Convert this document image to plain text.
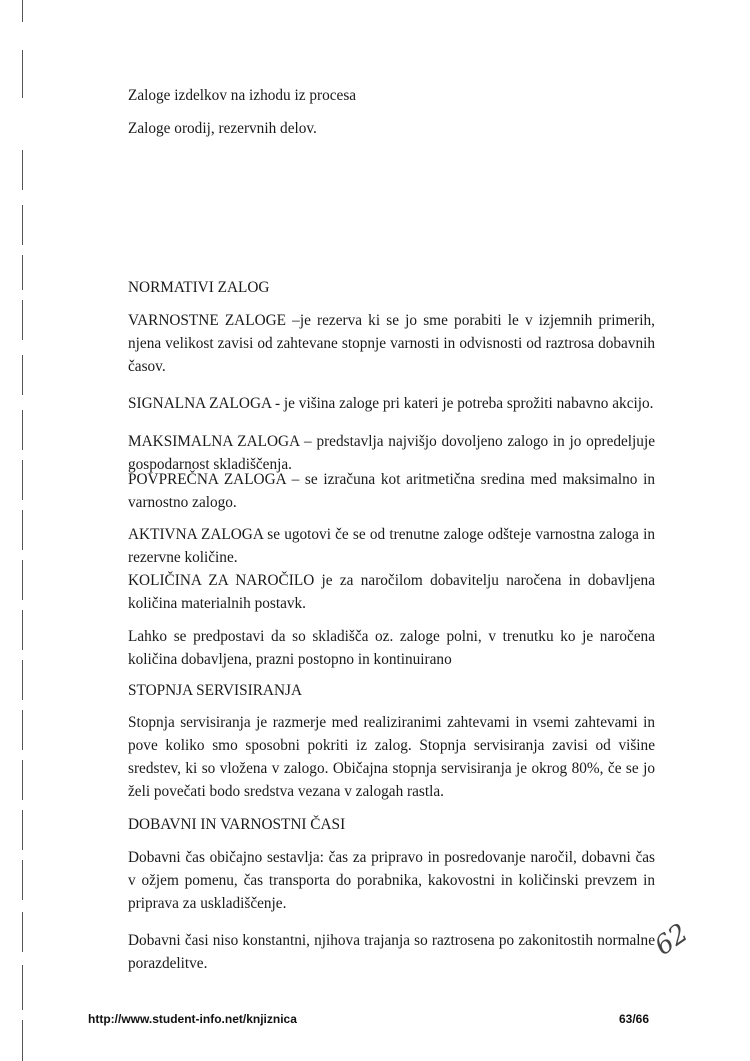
Zaloge izdelkov na izhodu iz procesa
Zaloge orodij, rezervnih delov.
NORMATIVI ZALOG
VARNOSTNE ZALOGE –je rezerva ki se jo sme porabiti le v izjemnih primerih, njena velikost zavisi od zahtevane stopnje varnosti in odvisnosti od raztrosa dobavnih časov.
SIGNALNA ZALOGA - je višina zaloge pri kateri je potreba sprožiti nabavno akcijo.
MAKSIMALNA ZALOGA – predstavlja najvišjo dovoljeno zalogo in jo opredeljuje gospodarnost skladiščenja.
POVPREČNA ZALOGA – se izračuna kot aritmetična sredina med maksimalno in varnostno zalogo.
AKTIVNA ZALOGA se ugotovi če se od trenutne zaloge odšteje varnostna zaloga in rezervne količine.
KOLIČINA ZA NAROČILO je za naročilom dobavitelju naročena in dobavljena količina materialnih postavk.
Lahko se predpostavi da so skladišča oz. zaloge polni, v trenutku ko je naročena količina dobavljena, prazni postopno in kontinuirano
STOPNJA SERVISIRANJA
Stopnja servisiranja je razmerje med realiziranimi zahtevami in vsemi zahtevami in pove koliko smo sposobni pokriti iz zalog. Stopnja servisiranja zavisi od višine sredstev, ki so vložena v zalogo. Običajna stopnja servisiranja je okrog 80%, če se jo želi povečati bodo sredstva vezana v zalogah rastla.
DOBAVNI IN VARNOSTNI ČASI
Dobavni čas običajno sestavlja: čas za pripravo in posredovanje naročil, dobavni čas v ožjem pomenu, čas transporta do porabnika, kakovostni in količinski prevzem in priprava za uskladiščenje.
Dobavni časi niso konstantni, njihova trajanja so raztrosena po zakonitostih normalne porazdelitve.
62
http://www.student-info.net/knjiznica	63/66
